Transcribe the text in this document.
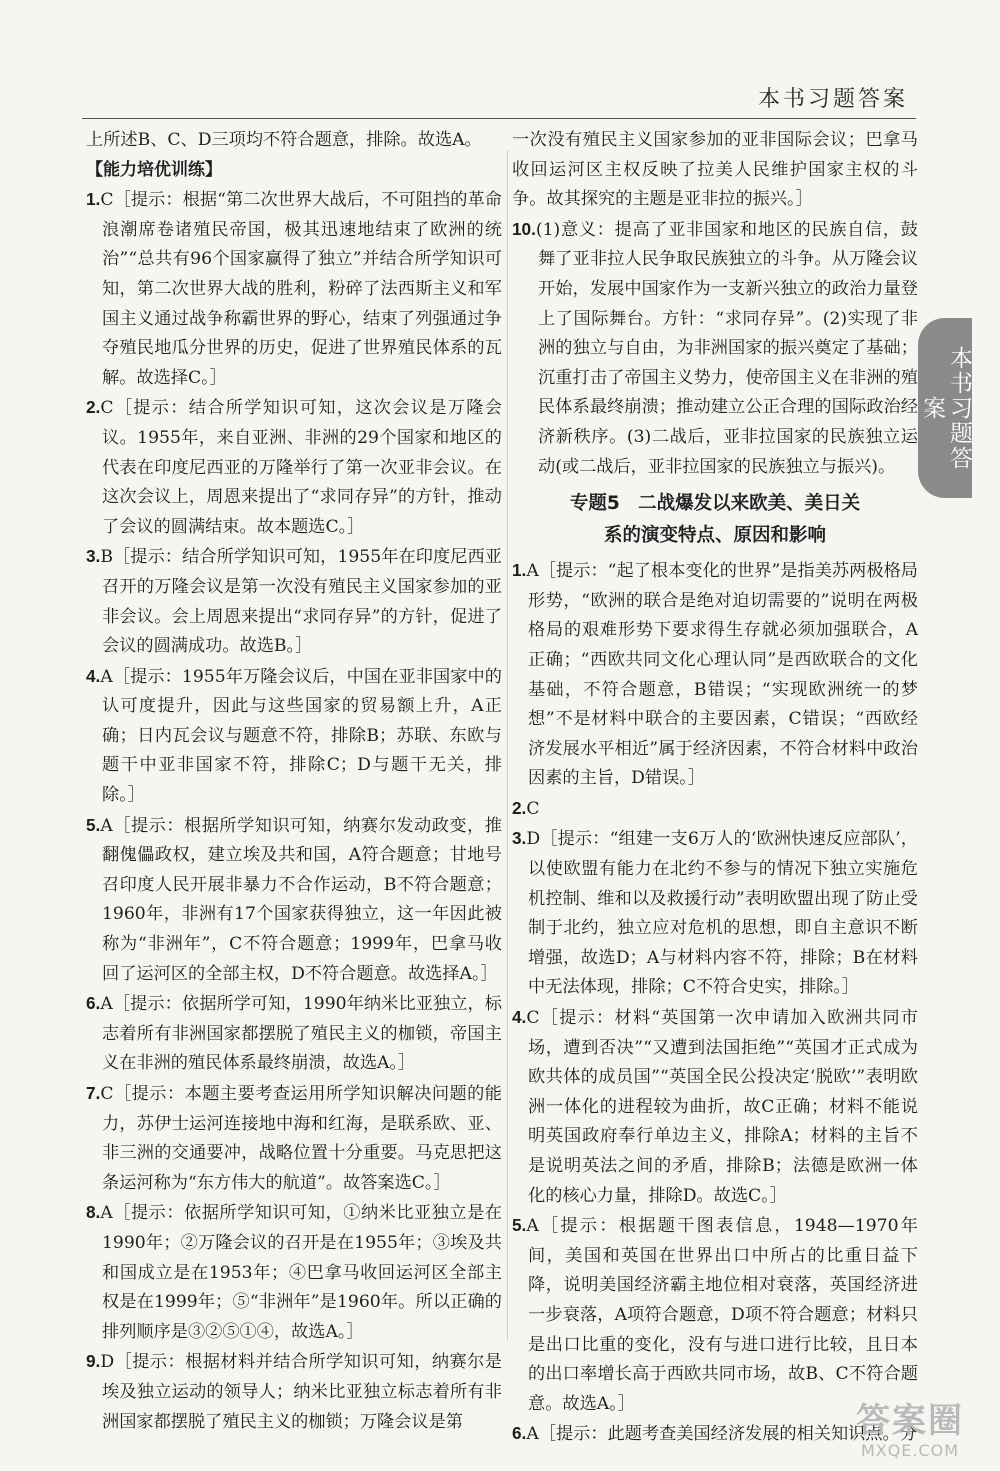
本书习题答案
本书习题答案

上所述B、C、D三项均不符合题意，排除。故选A。

【能力培优训练】

1.C［提示：根据“第二次世界大战后，不可阻挡的革命浪潮席卷诸殖民帝国，极其迅速地结束了欧洲的统治”“总共有96个国家赢得了独立”并结合所学知识可知，第二次世界大战的胜利，粉碎了法西斯主义和军国主义通过战争称霸世界的野心，结束了列强通过争夺殖民地瓜分世界的历史，促进了世界殖民体系的瓦解。故选择C。］

2.C［提示：结合所学知识可知，这次会议是万隆会议。1955年，来自亚洲、非洲的29个国家和地区的代表在印度尼西亚的万隆举行了第一次亚非会议。在这次会议上，周恩来提出了“求同存异”的方针，推动了会议的圆满结束。故本题选C。］

3.B［提示：结合所学知识可知，1955年在印度尼西亚召开的万隆会议是第一次没有殖民主义国家参加的亚非会议。会上周恩来提出“求同存异”的方针，促进了会议的圆满成功。故选B。］

4.A［提示：1955年万隆会议后，中国在亚非国家中的认可度提升，因此与这些国家的贸易额上升，A正确；日内瓦会议与题意不符，排除B；苏联、东欧与题干中亚非国家不符，排除C；D与题干无关，排除。］

5.A［提示：根据所学知识可知，纳赛尔发动政变，推翻傀儡政权，建立埃及共和国，A符合题意；甘地号召印度人民开展非暴力不合作运动，B不符合题意；1960年，非洲有17个国家获得独立，这一年因此被称为“非洲年”，C不符合题意；1999年，巴拿马收回了运河区的全部主权，D不符合题意。故选择A。］

6.A［提示：依据所学可知，1990年纳米比亚独立，标志着所有非洲国家都摆脱了殖民主义的枷锁，帝国主义在非洲的殖民体系最终崩溃，故选A。］

7.C［提示：本题主要考查运用所学知识解决问题的能力，苏伊士运河连接地中海和红海，是联系欧、亚、非三洲的交通要冲，战略位置十分重要。马克思把这条运河称为“东方伟大的航道”。故答案选C。］

8.A［提示：依据所学知识可知，①纳米比亚独立是在1990年；②万隆会议的召开是在1955年；③埃及共和国成立是在1953年；④巴拿马收回运河区全部主权是在1999年；⑤“非洲年”是1960年。所以正确的排列顺序是③②⑤①④，故选A。］

9.D［提示：根据材料并结合所学知识可知，纳赛尔是埃及独立运动的领导人；纳米比亚独立标志着所有非洲国家都摆脱了殖民主义的枷锁；万隆会议是第

一次没有殖民主义国家参加的亚非国际会议；巴拿马收回运河区主权反映了拉美人民维护国家主权的斗争。故其探究的主题是亚非拉的振兴。］

10.(1)意义：提高了亚非国家和地区的民族自信，鼓舞了亚非拉人民争取民族独立的斗争。从万隆会议开始，发展中国家作为一支新兴独立的政治力量登上了国际舞台。方针：“求同存异”。(2)实现了非洲的独立与自由，为非洲国家的振兴奠定了基础；沉重打击了帝国主义势力，使帝国主义在非洲的殖民体系最终崩溃；推动建立公正合理的国际政治经济新秩序。(3)二战后，亚非拉国家的民族独立运动(或二战后，亚非拉国家的民族独立与振兴)。

专题5　二战爆发以来欧美、美日关
系的演变特点、原因和影响

1.A［提示：“起了根本变化的世界”是指美苏两极格局形势，“欧洲的联合是绝对迫切需要的”说明在两极格局的艰难形势下要求得生存就必须加强联合，A正确；“西欧共同文化心理认同”是西欧联合的文化基础，不符合题意，B错误；“实现欧洲统一的梦想”不是材料中联合的主要因素，C错误；“西欧经济发展水平相近”属于经济因素，不符合材料中政治因素的主旨，D错误。］

2.C

3.D［提示：“组建一支6万人的‘欧洲快速反应部队’，以使欧盟有能力在北约不参与的情况下独立实施危机控制、维和以及救援行动”表明欧盟出现了防止受制于北约，独立应对危机的思想，即自主意识不断增强，故选D；A与材料内容不符，排除；B在材料中无法体现，排除；C不符合史实，排除。］

4.C［提示：材料“英国第一次申请加入欧洲共同市场，遭到否决”“又遭到法国拒绝”“英国才正式成为欧共体的成员国”“英国全民公投决定‘脱欧’”表明欧洲一体化的进程较为曲折，故C正确；材料不能说明英国政府奉行单边主义，排除A；材料的主旨不是说明英法之间的矛盾，排除B；法德是欧洲一体化的核心力量，排除D。故选C。］

5.A［提示：根据题干图表信息，1948—1970年间，美国和英国在世界出口中所占的比重日益下降，说明美国经济霸主地位相对衰落，英国经济进一步衰落，A项符合题意，D项不符合题意；材料只是出口比重的变化，没有与进口进行比较，且日本的出口率增长高于西欧共同市场，故B、C不符合题意。故选A。］

6.A［提示：此题考查美国经济发展的相关知识点。分

答案圈
MXQE.COM
